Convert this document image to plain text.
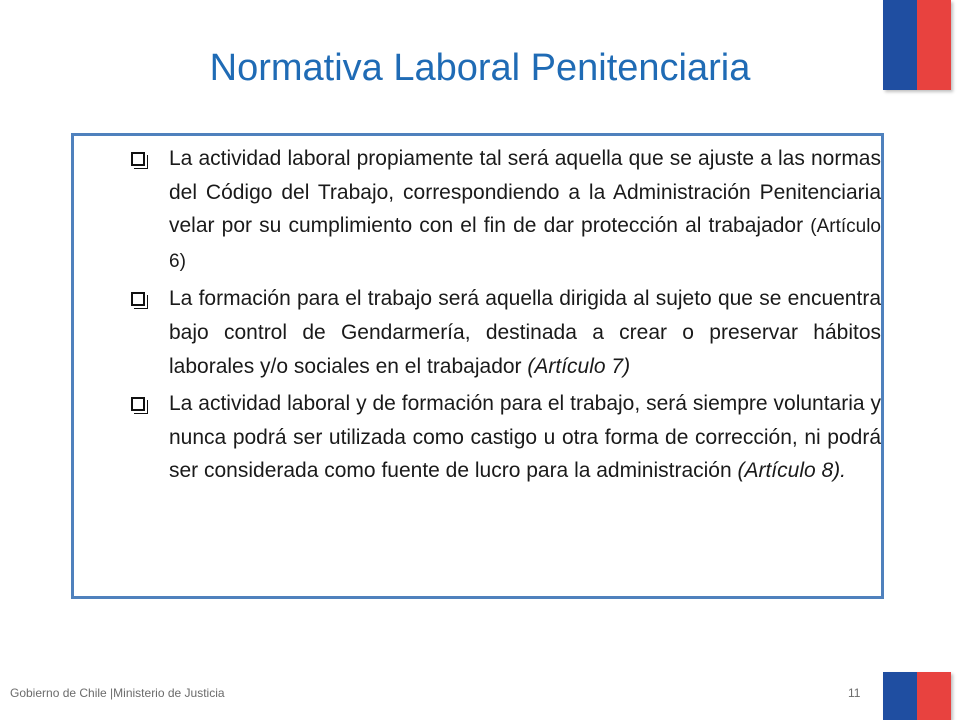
Normativa Laboral Penitenciaria
La actividad laboral propiamente tal será aquella que se ajuste a las normas del Código del Trabajo, correspondiendo a la Administración Penitenciaria velar por su cumplimiento con el fin de dar protección al trabajador (Artículo 6)
La formación para el trabajo será aquella dirigida al sujeto que se encuentra bajo control de Gendarmería, destinada a crear o preservar hábitos laborales y/o sociales en el trabajador (Artículo 7)
La actividad laboral y de formación para el trabajo, será siempre voluntaria y nunca podrá ser utilizada como castigo u otra forma de corrección, ni podrá ser considerada como fuente de lucro para la administración (Artículo 8).
Gobierno de Chile |Ministerio de Justicia	11
